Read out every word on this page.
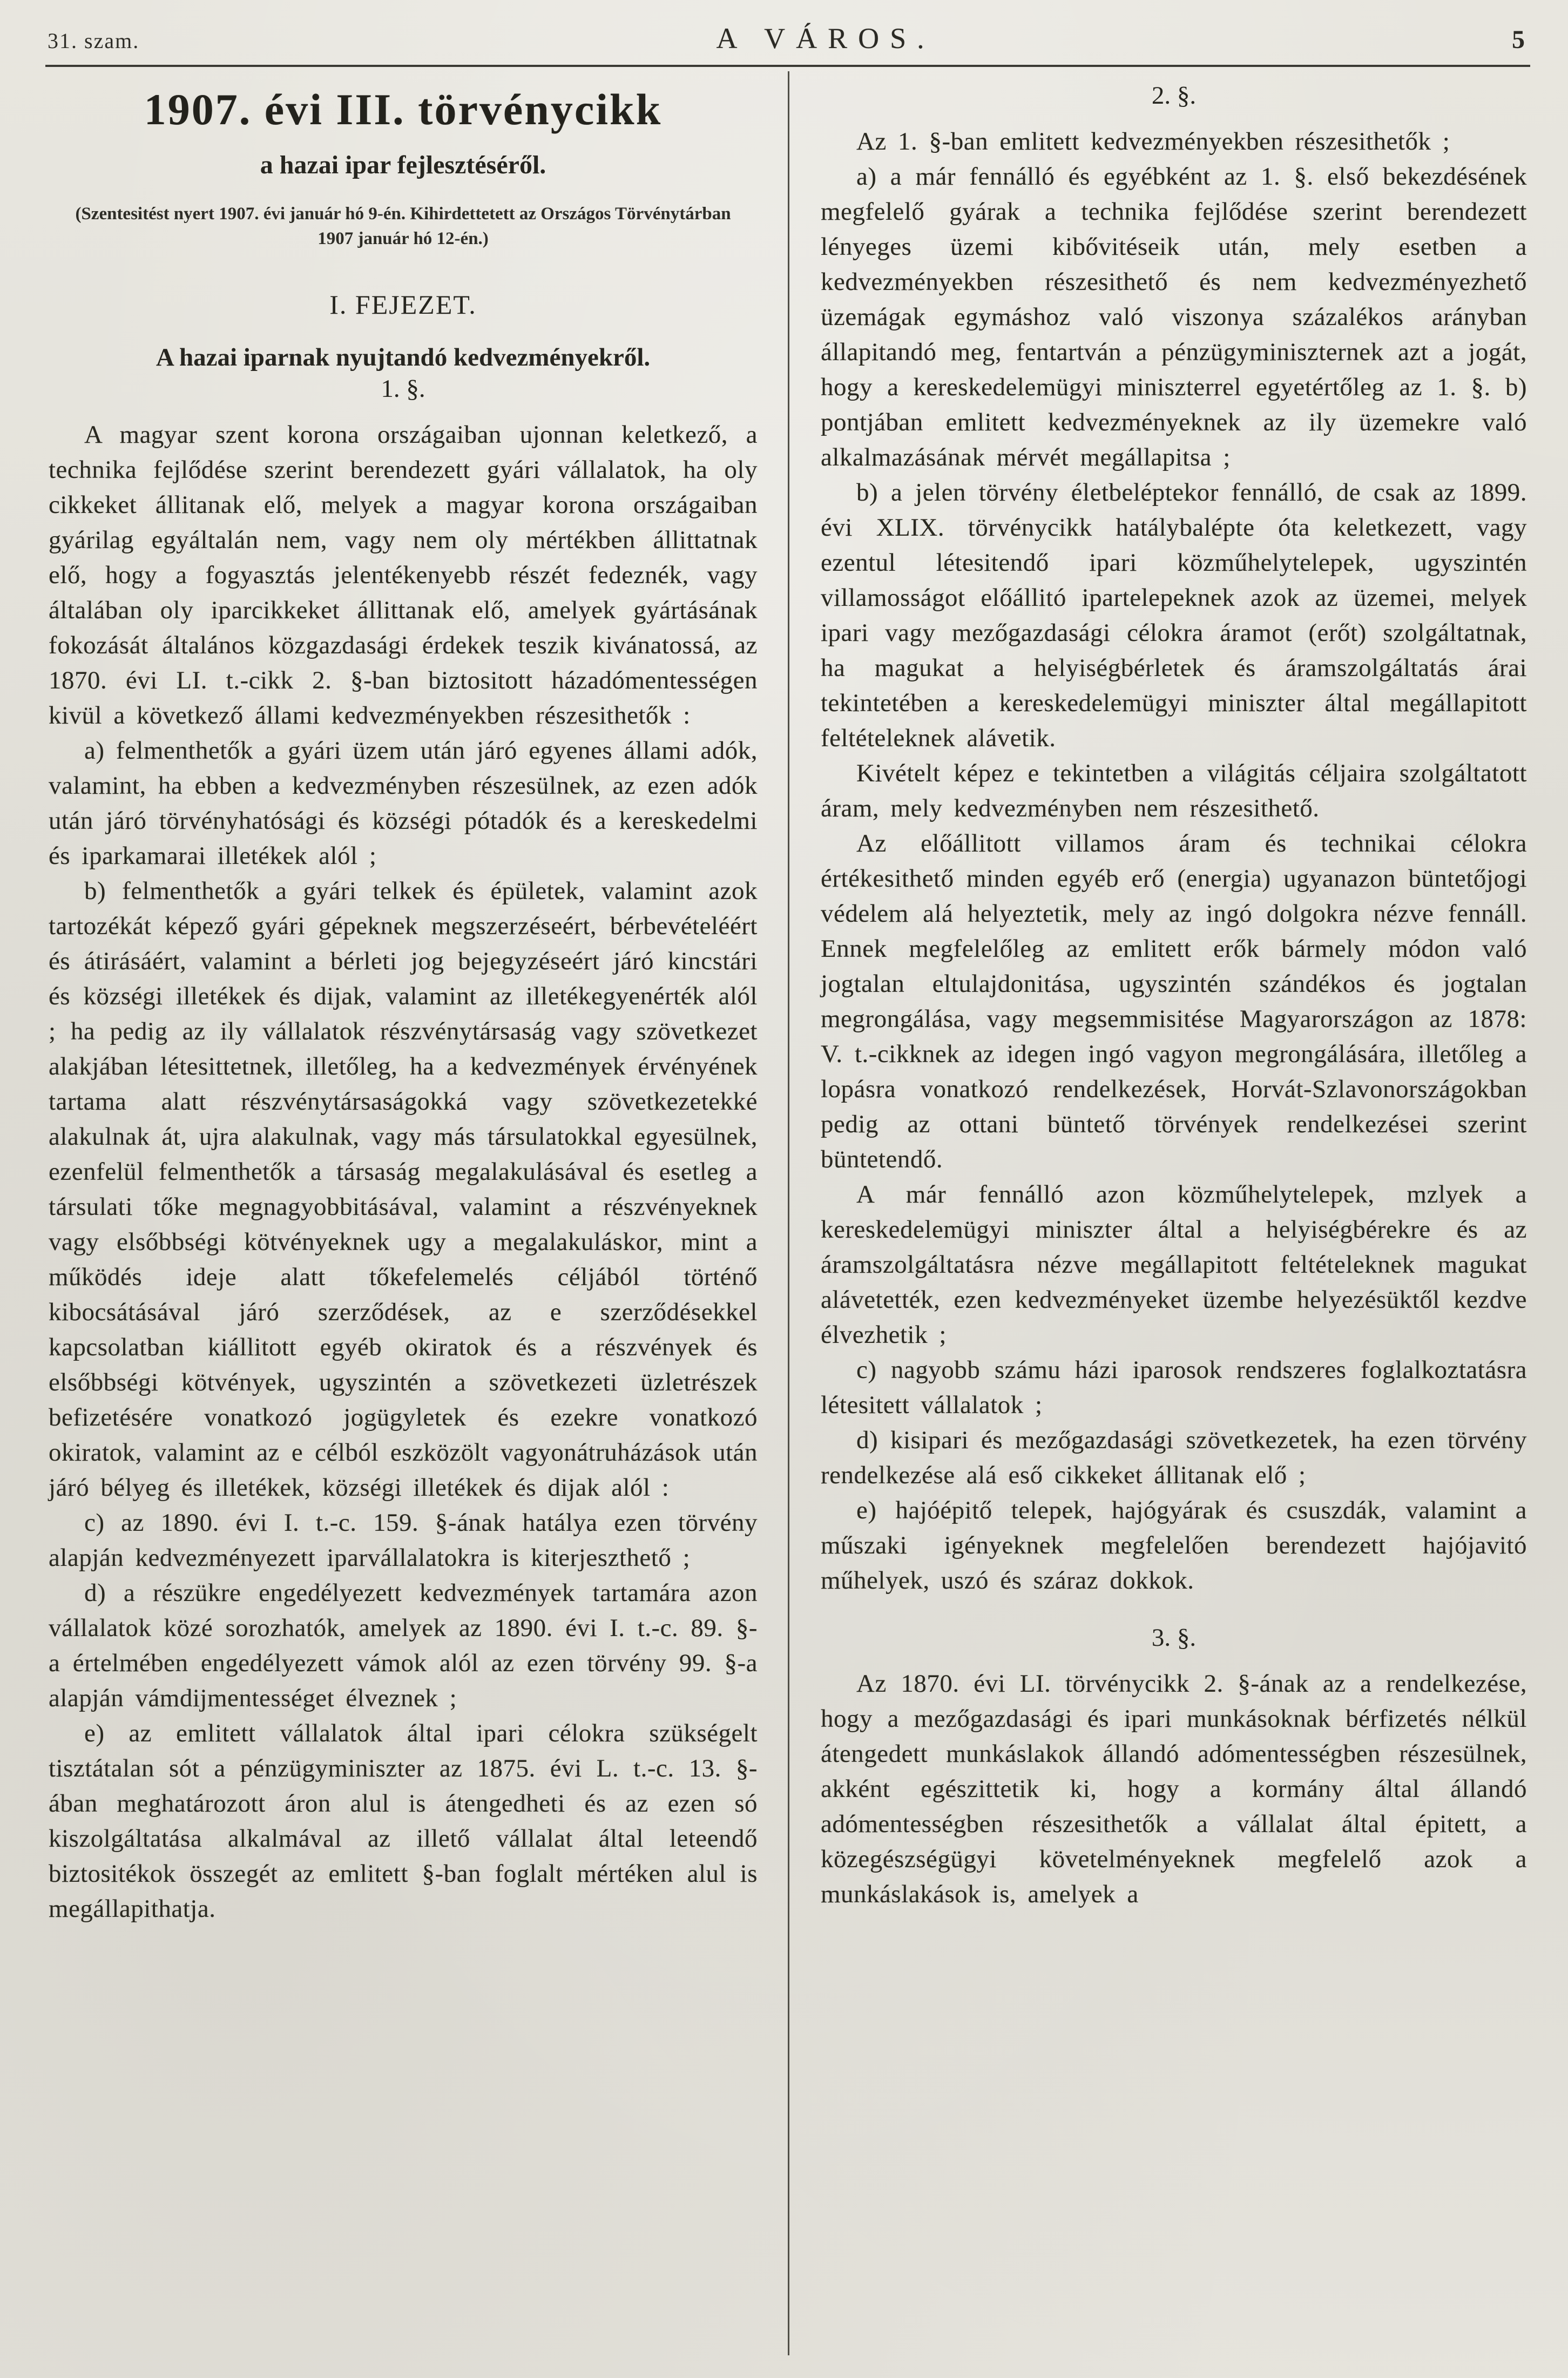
31. szam.	A VÁROS.	5
1907. évi III. törvénycikk
a hazai ipar fejlesztéséről.
(Szentesitést nyert 1907. évi január hó 9-én. Kihirdettetett az Országos Törvénytárban 1907 január hó 12-én.)
I. FEJEZET.
A hazai iparnak nyujtandó kedvezményekről.

1. §.

A magyar szent korona országaiban ujonnan keletkező, a technika fejlődése szerint berendezett gyári vállalatok, ha oly cikkeket állitanak elő, melyek a magyar korona országaiban gyárilag egyáltalán nem, vagy nem oly mértékben állittatnak elő, hogy a fogyasztás jelentékenyebb részét fedeznék, vagy általában oly iparcikkeket állittanak elő, amelyek gyártásának fokozását általános közgazdasági érdekek teszik kivánatossá, az 1870. évi LI. t.-cikk 2. §-ban biztositott házadómentességen kivül a következő állami kedvezményekben részesithetők :

a) felmenthetők a gyári üzem után járó egyenes állami adók, valamint, ha ebben a kedvezményben részesülnek, az ezen adók után járó törvényhatósági és községi pótadók és a kereskedelmi és iparkamarai illetékek alól ;

b) felmenthetők a gyári telkek és épületek, valamint azok tartozékát képező gyári gépeknek megszerzéseért, bérbevételéért és átirásáért, valamint a bérleti jog bejegyzéseért járó kincstári és községi illetékek és dijak, valamint az illetékegyenérték alól ; ha pedig az ily vállalatok részvénytársaság vagy szövetkezet alakjában létesittetnek, illetőleg, ha a kedvezmények érvényének tartama alatt részvénytársaságokká vagy szövetkezetekké alakulnak át, ujra alakulnak, vagy más társulatokkal egyesülnek, ezenfelül felmenthetők a társaság megalakulásával és esetleg a társulati tőke megnagyobbitásával, valamint a részvényeknek vagy elsőbbségi kötvényeknek ugy a megalakuláskor, mint a működés ideje alatt tőkefelemelés céljából történő kibocsátásával járó szerződések, az e szerződésekkel kapcsolatban kiállitott egyéb okiratok és a részvények és elsőbbségi kötvények, ugyszintén a szövetkezeti üzletrészek befizetésére vonatkozó jogügyletek és ezekre vonatkozó okiratok, valamint az e célból eszközölt vagyonátruházások után járó bélyeg és illetékek, községi illetékek és dijak alól :

c) az 1890. évi I. t.-c. 159. §-ának hatálya ezen törvény alapján kedvezményezett iparvállalatokra is kiterjeszthető ;

d) a részükre engedélyezett kedvezmények tartamára azon vállalatok közé sorozhatók, amelyek az 1890. évi I. t.-c. 89. §-a értelmében engedélyezett vámok alól az ezen törvény 99. §-a alapján vámdijmentességet élveznek ;

e) az emlitett vállalatok által ipari célokra szükségelt tisztátalan sót a pénzügyminiszter az 1875. évi L. t.-c. 13. §-ában meghatározott áron alul is átengedheti és az ezen só kiszolgáltatása alkalmával az illető vállalat által leteendő biztositékok összegét az emlitett §-ban foglalt mértéken alul is megállapithatja.

2. §.

Az 1. §-ban emlitett kedvezményekben részesithetők ;

a) a már fennálló és egyébként az 1. §. első bekezdésének megfelelő gyárak a technika fejlődése szerint berendezett lényeges üzemi kibővitéseik után, mely esetben a kedvezményekben részesithető és nem kedvezményezhető üzemágak egymáshoz való viszonya százalékos arányban állapitandó meg, fentartván a pénzügyminiszternek azt a jogát, hogy a kereskedelemügyi miniszterrel egyetértőleg az 1. §. b) pontjában emlitett kedvezményeknek az ily üzemekre való alkalmazásának mérvét megállapitsa ;

b) a jelen törvény életbeléptekor fennálló, de csak az 1899. évi XLIX. törvénycikk hatálybalépte óta keletkezett, vagy ezentul létesitendő ipari közműhelytelepek, ugyszintén villamosságot előállitó ipartelepeknek azok az üzemei, melyek ipari vagy mezőgazdasági célokra áramot (erőt) szolgáltatnak, ha magukat a helyiségbérletek és áramszolgáltatás árai tekintetében a kereskedelemügyi miniszter által megállapitott feltételeknek alávetik.

Kivételt képez e tekintetben a világitás céljaira szolgáltatott áram, mely kedvezményben nem részesithető.

Az előállitott villamos áram és technikai célokra értékesithető minden egyéb erő (energia) ugyanazon büntetőjogi védelem alá helyeztetik, mely az ingó dolgokra nézve fennáll. Ennek megfelelőleg az emlitett erők bármely módon való jogtalan eltulajdonitása, ugyszintén szándékos és jogtalan megrongálása, vagy megsemmisitése Magyarországon az 1878: V. t.-cikknek az idegen ingó vagyon megrongálására, illetőleg a lopásra vonatkozó rendelkezések, Horvát-Szlavonországokban pedig az ottani büntető törvények rendelkezései szerint büntetendő.

A már fennálló azon közműhelytelepek, mzlyek a kereskedelemügyi miniszter által a helyiségbérekre és az áramszolgáltatásra nézve megállapitott feltételeknek magukat alávetették, ezen kedvezményeket üzembe helyezésüktől kezdve élvezhetik ;

c) nagyobb számu házi iparosok rendszeres foglalkoztatásra létesitett vállalatok ;

d) kisipari és mezőgazdasági szövetkezetek, ha ezen törvény rendelkezése alá eső cikkeket állitanak elő ;

e) hajóépitő telepek, hajógyárak és csuszdák, valamint a műszaki igényeknek megfelelően berendezett hajójavitó műhelyek, uszó és száraz dokkok.

3. §.

Az 1870. évi LI. törvénycikk 2. §-ának az a rendelkezése, hogy a mezőgazdasági és ipari munkásoknak bérfizetés nélkül átengedett munkáslakok állandó adómentességben részesülnek, akként egészittetik ki, hogy a kormány által állandó adómentességben részesithetők a vállalat által épitett, a közegészségügyi követelményeknek megfelelő azok a munkáslakások is, amelyek a
